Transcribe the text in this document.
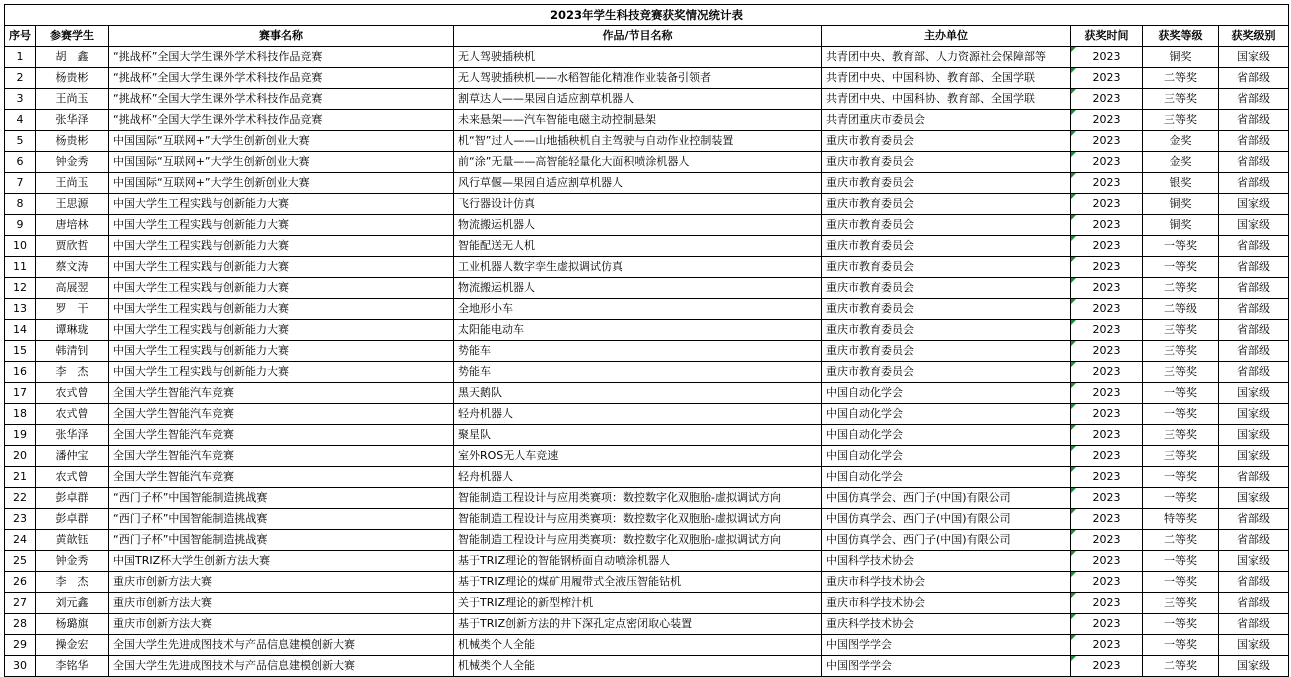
2023年学生科技竞赛获奖情况统计表							
序号	参赛学生	赛事名称	作品/节目名称	主办单位	获奖时间	获奖等级	获奖级别
1	胡　鑫	“挑战杯”全国大学生课外学术科技作品竞赛	无人驾驶插秧机	共青团中央、教育部、人力资源社会保障部等	2023	铜奖	国家级
2	杨贵彬	“挑战杯”全国大学生课外学术科技作品竞赛	无人驾驶插秧机——水稻智能化精准作业装备引领者	共青团中央、中国科协、教育部、全国学联	2023	二等奖	省部级
3	王尚玉	“挑战杯”全国大学生课外学术科技作品竞赛	割草达人——果园自适应割草机器人	共青团中央、中国科协、教育部、全国学联	2023	三等奖	省部级
4	张华泽	“挑战杯”全国大学生课外学术科技作品竞赛	未来悬架——汽车智能电磁主动控制悬架	共青团重庆市委员会	2023	三等奖	省部级
5	杨贵彬	中国国际“互联网+”大学生创新创业大赛	机“智”过人——山地插秧机自主驾驶与自动作业控制装置	重庆市教育委员会	2023	金奖	省部级
6	钟金秀	中国国际“互联网+”大学生创新创业大赛	前“涂”无量——高智能轻量化大面积喷涂机器人	重庆市教育委员会	2023	金奖	省部级
7	王尚玉	中国国际“互联网+”大学生创新创业大赛	风行草偃—果园自适应割草机器人	重庆市教育委员会	2023	银奖	省部级
8	王思源	中国大学生工程实践与创新能力大赛	飞行器设计仿真	重庆市教育委员会	2023	铜奖	国家级
9	唐培林	中国大学生工程实践与创新能力大赛	物流搬运机器人	重庆市教育委员会	2023	铜奖	国家级
10	贾欣哲	中国大学生工程实践与创新能力大赛	智能配送无人机	重庆市教育委员会	2023	一等奖	省部级
11	蔡文涛	中国大学生工程实践与创新能力大赛	工业机器人数字孪生虚拟调试仿真	重庆市教育委员会	2023	一等奖	省部级
12	高展翌	中国大学生工程实践与创新能力大赛	物流搬运机器人	重庆市教育委员会	2023	二等奖	省部级
13	罗　干	中国大学生工程实践与创新能力大赛	全地形小车	重庆市教育委员会	2023	二等级	省部级
14	谭琳珑	中国大学生工程实践与创新能力大赛	太阳能电动车	重庆市教育委员会	2023	三等奖	省部级
15	韩清钊	中国大学生工程实践与创新能力大赛	势能车	重庆市教育委员会	2023	三等奖	省部级
16	李　杰	中国大学生工程实践与创新能力大赛	势能车	重庆市教育委员会	2023	三等奖	省部级
17	农式曾	全国大学生智能汽车竞赛	黑天鹅队	中国自动化学会	2023	一等奖	国家级
18	农式曾	全国大学生智能汽车竞赛	轻舟机器人	中国自动化学会	2023	一等奖	国家级
19	张华泽	全国大学生智能汽车竞赛	聚星队	中国自动化学会	2023	三等奖	国家级
20	潘仲宝	全国大学生智能汽车竞赛	室外ROS无人车竞速	中国自动化学会	2023	三等奖	国家级
21	农式曾	全国大学生智能汽车竞赛	轻舟机器人	中国自动化学会	2023	一等奖	省部级
22	彭卓群	“西门子杯”中国智能制造挑战赛	智能制造工程设计与应用类赛项：数控数字化双胞胎-虚拟调试方向	中国仿真学会、西门子(中国)有限公司	2023	一等奖	国家级
23	彭卓群	“西门子杯”中国智能制造挑战赛	智能制造工程设计与应用类赛项：数控数字化双胞胎-虚拟调试方向	中国仿真学会、西门子(中国)有限公司	2023	特等奖	省部级
24	黄歆钰	“西门子杯”中国智能制造挑战赛	智能制造工程设计与应用类赛项：数控数字化双胞胎-虚拟调试方向	中国仿真学会、西门子(中国)有限公司	2023	二等奖	省部级
25	钟金秀	中国TRIZ杯大学生创新方法大赛	基于TRIZ理论的智能钢桥面自动喷涂机器人	中国科学技术协会	2023	一等奖	国家级
26	李　杰	重庆市创新方法大赛	基于TRIZ理论的煤矿用履带式全液压智能钻机	重庆市科学技术协会	2023	一等奖	省部级
27	刘元鑫	重庆市创新方法大赛	关于TRIZ理论的新型榨汁机	重庆市科学技术协会	2023	三等奖	省部级
28	杨璐旗	重庆市创新方法大赛	基于TRIZ创新方法的井下深孔定点密闭取心装置	重庆科学技术协会	2023	一等奖	省部级
29	操金宏	全国大学生先进成图技术与产品信息建模创新大赛	机械类个人全能	中国图学学会	2023	一等奖	国家级
30	李铭华	全国大学生先进成图技术与产品信息建模创新大赛	机械类个人全能	中国图学学会	2023	二等奖	国家级
